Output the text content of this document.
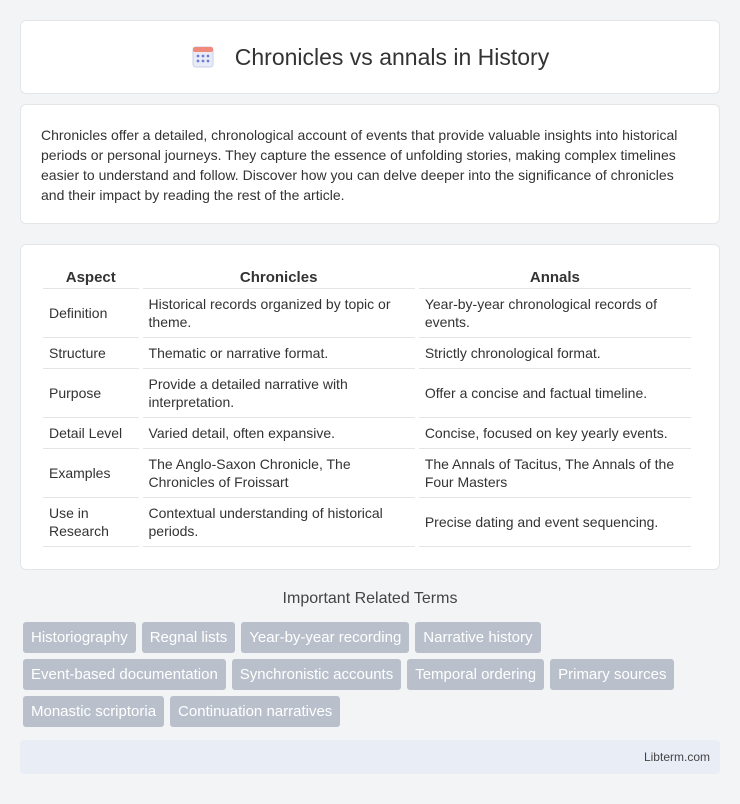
Chronicles vs annals in History

Chronicles offer a detailed, chronological account of events that provide valuable insights into historical periods or personal journeys. They capture the essence of unfolding stories, making complex timelines easier to understand and follow. Discover how you can delve deeper into the significance of chronicles and their impact by reading the rest of the article.

Aspect	Chronicles	Annals
Definition	Historical records organized by topic or theme.	Year-by-year chronological records of events.
Structure	Thematic or narrative format.	Strictly chronological format.
Purpose	Provide a detailed narrative with interpretation.	Offer a concise and factual timeline.
Detail Level	Varied detail, often expansive.	Concise, focused on key yearly events.
Examples	The Anglo-Saxon Chronicle, The Chronicles of Froissart	The Annals of Tacitus, The Annals of the Four Masters
Use in Research	Contextual understanding of historical periods.	Precise dating and event sequencing.
Important Related Terms
Historiography	Regnal lists	Year-by-year recording	Narrative history
Event-based documentation	Synchronistic accounts	Temporal ordering	Primary sources
Monastic scriptoria	Continuation narratives
Libterm.com
